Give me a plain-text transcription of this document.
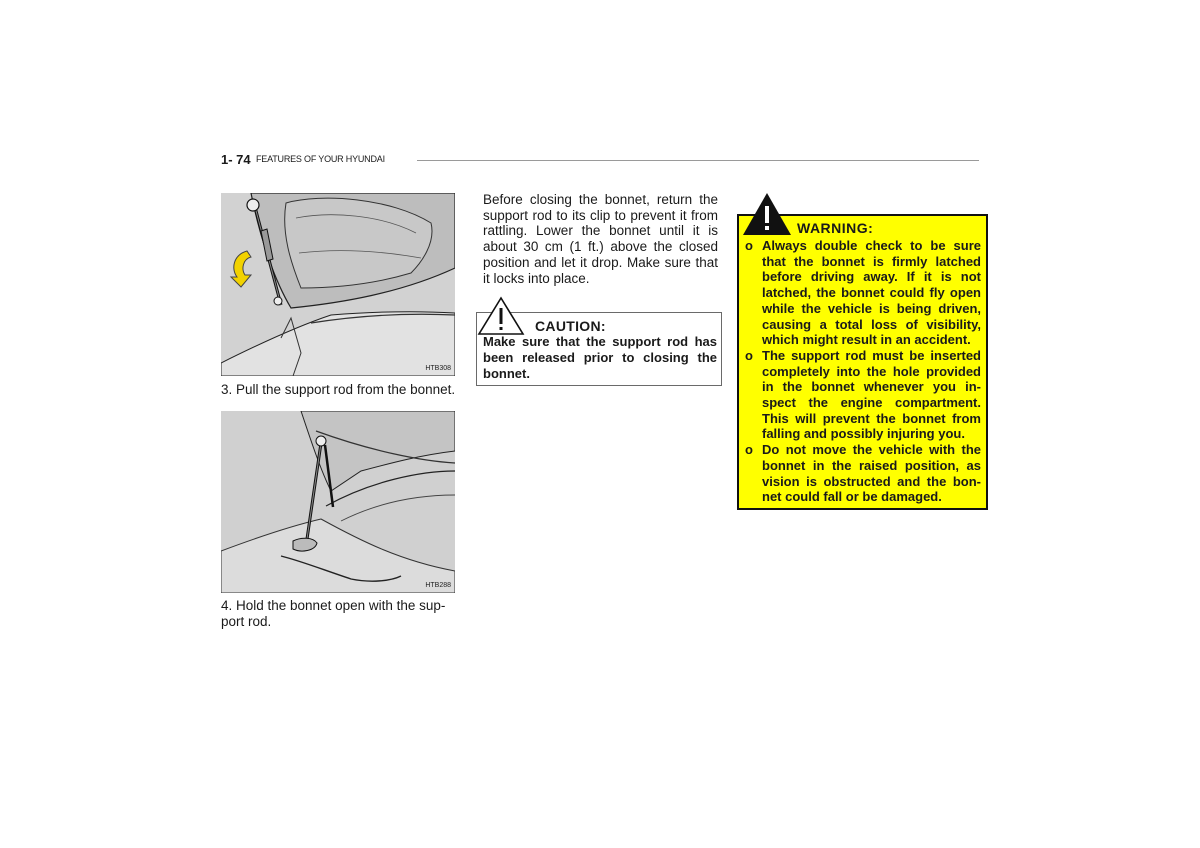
1- 74 FEATURES OF YOUR HYUNDAI
HTB308
3. Pull the support rod from the bonnet.
HTB288
4. Hold the bonnet open with the sup-port rod.
Before closing the bonnet, return the support rod to its clip to prevent it from rattling. Lower the bonnet until it is about 30 cm (1 ft.) above the closed position and let it drop. Make sure that it locks into place.
CAUTION:
Make sure that the support rod has been released prior to closing the bonnet.
WARNING:
o Always double check to be sure that the bonnet is firmly latched before driving away. If it is not latched, the bonnet could fly open while the vehicle is being driven, causing a total loss of visibility, which might result in an accident.
o The support rod must be inserted completely into the hole provided in the bonnet whenever you in-spect the engine compartment. This will prevent the bonnet from falling and possibly injuring you.
o Do not move the vehicle with the bonnet in the raised position, as vision is obstructed and the bon-net could fall or be damaged.
